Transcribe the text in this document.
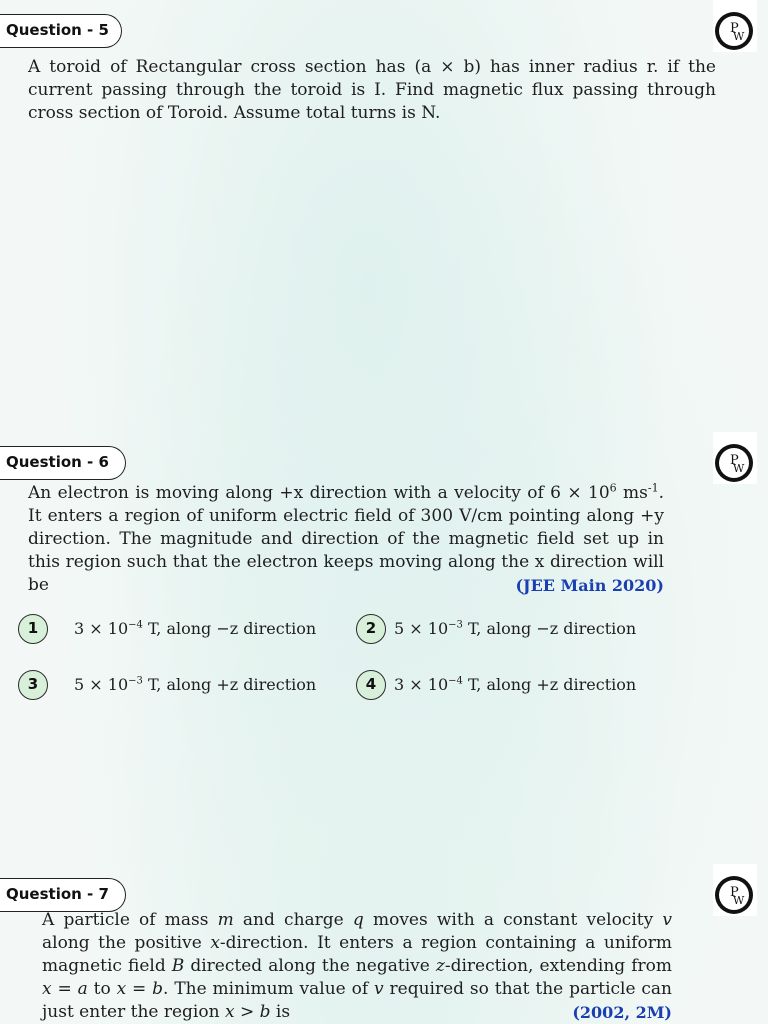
Question - 5	P
W
A toroid of Rectangular cross section has (a × b) has inner radius r. if the current passing through the toroid is I. Find magnetic flux passing through cross section of Toroid. Assume total turns is N.
Question - 6	P
W
An electron is moving along +x direction with a velocity of $6 \times 10^6$ $ms^{-1}$. It enters a region of uniform electric field of 300 V/cm pointing along +y direction. The magnitude and direction of the magnetic field set up in this region such that the electron keeps moving along the x direction will be	(JEE Main 2020)
1	$3 \times 10^{-4}$ T, along −z direction	2	$5 \times 10^{-3}$ T, along −z direction
3	$5 \times 10^{-3}$ T, along +z direction	4	$3 \times 10^{-4}$ T, along +z direction
Question - 7	P
W
A particle of mass m and charge q moves with a constant velocity v along the positive x-direction. It enters a region containing a uniform magnetic field B directed along the negative z-direction, extending from x = a to x = b. The minimum value of v required so that the particle can just enter the region x > b is	(2002, 2M)
